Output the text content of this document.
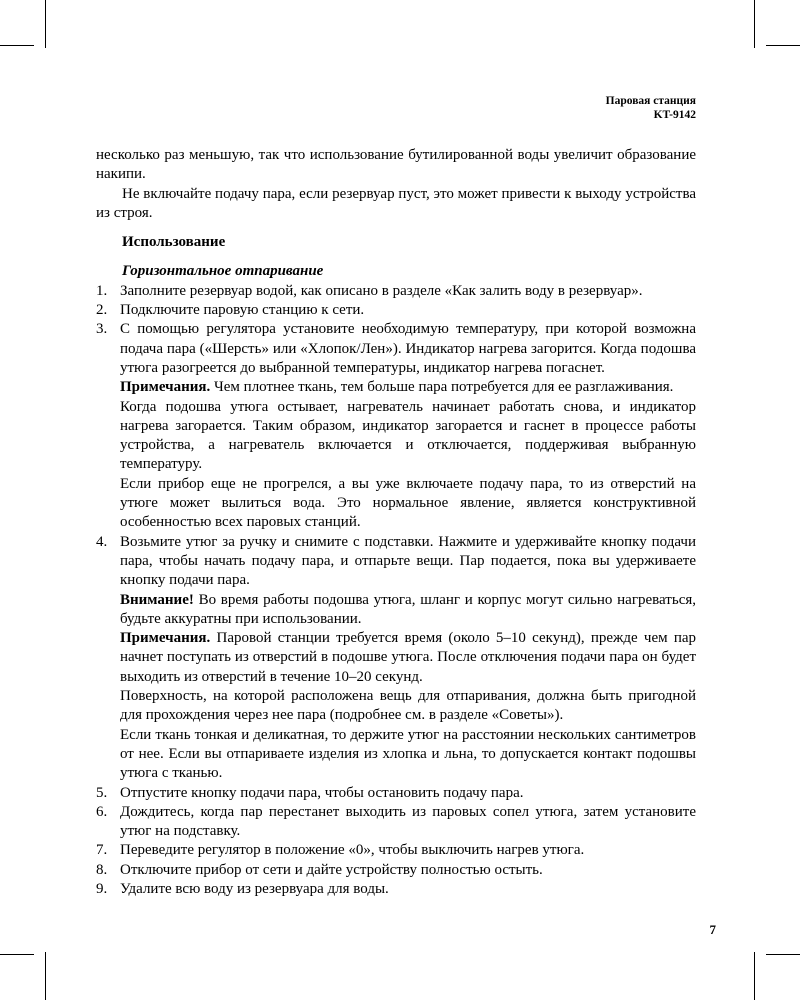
Паровая станция
KT-9142

несколько раз меньшую, так что использование бутилированной воды увеличит образование накипи.

Не включайте подачу пара, если резервуар пуст, это может привести к выходу устройства из строя.

Использование

Горизонтальное отпаривание

1. Заполните резервуар водой, как описано в разделе «Как залить воду в резервуар».
2. Подключите паровую станцию к сети.
3. С помощью регулятора установите необходимую температуру, при которой возможна подача пара («Шерсть» или «Хлопок/Лен»). Индикатор нагрева загорится. Когда подошва утюга разогреется до выбранной температуры, индикатор нагрева погаснет.

Примечания. Чем плотнее ткань, тем больше пара потребуется для ее разглаживания.

Когда подошва утюга остывает, нагреватель начинает работать снова, и индикатор нагрева загорается. Таким образом, индикатор загорается и гаснет в процессе работы устройства, а нагреватель включается и отключается, поддерживая выбранную температуру.

Если прибор еще не прогрелся, а вы уже включаете подачу пара, то из отверстий на утюге может вылиться вода. Это нормальное явление, является конструктивной особенностью всех паровых станций.

4. Возьмите утюг за ручку и снимите с подставки. Нажмите и удерживайте кнопку подачи пара, чтобы начать подачу пара, и отпарьте вещи. Пар подается, пока вы удерживаете кнопку подачи пара.

Внимание! Во время работы подошва утюга, шланг и корпус могут сильно нагреваться, будьте аккуратны при использовании.

Примечания. Паровой станции требуется время (около 5–10 секунд), прежде чем пар начнет поступать из отверстий в подошве утюга. После отключения подачи пара он будет выходить из отверстий в течение 10–20 секунд.

Поверхность, на которой расположена вещь для отпаривания, должна быть пригодной для прохождения через нее пара (подробнее см. в разделе «Советы»).

Если ткань тонкая и деликатная, то держите утюг на расстоянии нескольких сантиметров от нее. Если вы отпариваете изделия из хлопка и льна, то допускается контакт подошвы утюга с тканью.

5. Отпустите кнопку подачи пара, чтобы остановить подачу пара.
6. Дождитесь, когда пар перестанет выходить из паровых сопел утюга, затем установите утюг на подставку.
7. Переведите регулятор в положение «0», чтобы выключить нагрев утюга.
8. Отключите прибор от сети и дайте устройству полностью остыть.
9. Удалите всю воду из резервуара для воды.
7
